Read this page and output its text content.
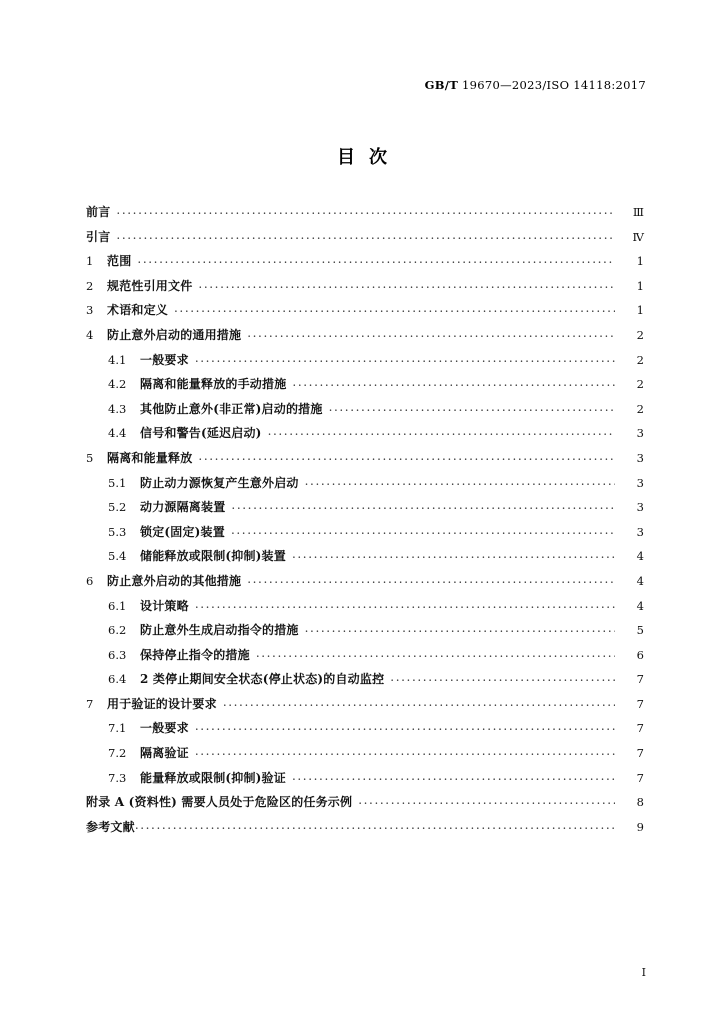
GB/T 19670—2023/ISO 14118:2017
目次
前言 .....	Ⅲ
引言 .....	Ⅳ
1	范围 .....	1
2	规范性引用文件 .....	1
3	术语和定义 .....	1
4	防止意外启动的通用措施 .....	2
4.1	一般要求 .....	2
4.2	隔离和能量释放的手动措施 .....	2
4.3	其他防止意外(非正常)启动的措施 .....	2
4.4	信号和警告(延迟启动) .....	3
5	隔离和能量释放 .....	3
5.1	防止动力源恢复产生意外启动 .....	3
5.2	动力源隔离装置 .....	3
5.3	锁定(固定)装置 .....	3
5.4	储能释放或限制(抑制)装置 .....	4
6	防止意外启动的其他措施 .....	4
6.1	设计策略 .....	4
6.2	防止意外生成启动指令的措施 .....	5
6.3	保持停止指令的措施 .....	6
6.4	2 类停止期间安全状态(停止状态)的自动监控 .....	7
7	用于验证的设计要求 .....	7
7.1	一般要求 .....	7
7.2	隔离验证 .....	7
7.3	能量释放或限制(抑制)验证 .....	7
附录 A (资料性) 需要人员处于危险区的任务示例 .....	8
参考文献 .....	9
I
